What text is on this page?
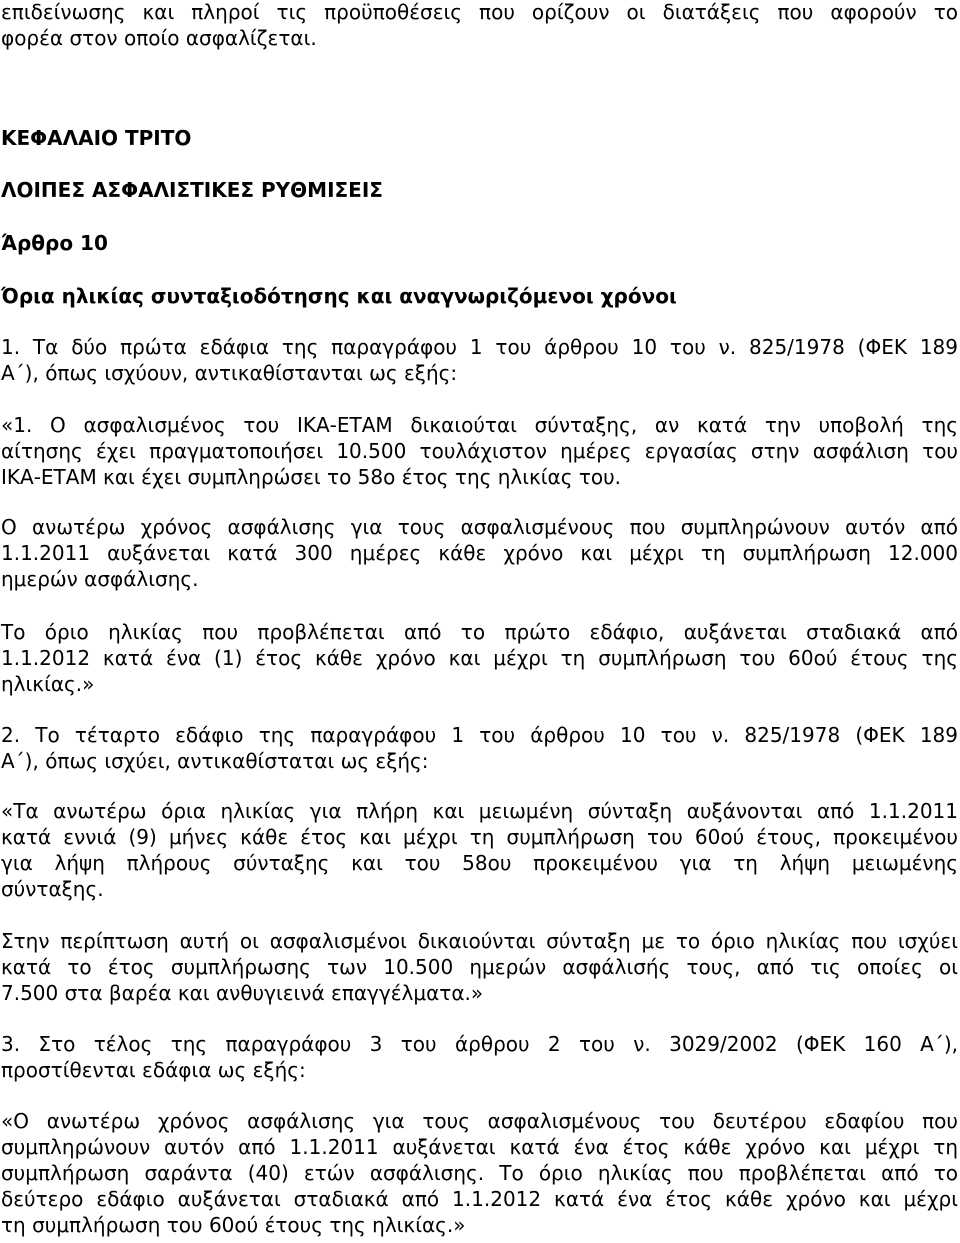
επιδείνωσης και πληροί τις προϋποθέσεις που ορίζουν οι διατάξεις που αφορούν το
φορέα στον οποίο ασφαλίζεται.
ΚΕΦΑΛΑΙΟ ΤΡΙΤΟ
ΛΟΙΠΕΣ ΑΣΦΑΛΙΣΤΙΚΕΣ ΡΥΘΜΙΣΕΙΣ
Άρθρο 10
Όρια ηλικίας συνταξιοδότησης και αναγνωριζόμενοι χρόνοι
1. Τα δύο πρώτα εδάφια της παραγράφου 1 του άρθρου 10 του ν. 825/1978 (ΦΕΚ 189
Α΄), όπως ισχύουν, αντικαθίστανται ως εξής:
«1. Ο ασφαλισμένος του ΙΚΑ-ΕΤΑΜ δικαιούται σύνταξης, αν κατά την υποβολή της
αίτησης έχει πραγματοποιήσει 10.500 τουλάχιστον ημέρες εργασίας στην ασφάλιση του
ΙΚΑ-ΕΤΑΜ και έχει συμπληρώσει το 58ο έτος της ηλικίας του.
Ο ανωτέρω χρόνος ασφάλισης για τους ασφαλισμένους που συμπληρώνουν αυτόν από
1.1.2011 αυξάνεται κατά 300 ημέρες κάθε χρόνο και μέχρι τη συμπλήρωση 12.000
ημερών ασφάλισης.
Το όριο ηλικίας που προβλέπεται από το πρώτο εδάφιο, αυξάνεται σταδιακά από
1.1.2012 κατά ένα (1) έτος κάθε χρόνο και μέχρι τη συμπλήρωση του 60ού έτους της
ηλικίας.»
2. Το τέταρτο εδάφιο της παραγράφου 1 του άρθρου 10 του ν. 825/1978 (ΦΕΚ 189
Α΄), όπως ισχύει, αντικαθίσταται ως εξής:
«Τα ανωτέρω όρια ηλικίας για πλήρη και μειωμένη σύνταξη αυξάνονται από 1.1.2011
κατά εννιά (9) μήνες κάθε έτος και μέχρι τη συμπλήρωση του 60ού έτους, προκειμένου
για λήψη πλήρους σύνταξης και του 58ου προκειμένου για τη λήψη μειωμένης
σύνταξης.
Στην περίπτωση αυτή οι ασφαλισμένοι δικαιούνται σύνταξη με το όριο ηλικίας που ισχύει
κατά το έτος συμπλήρωσης των 10.500 ημερών ασφάλισής τους, από τις οποίες οι
7.500 στα βαρέα και ανθυγιεινά επαγγέλματα.»
3. Στο τέλος της παραγράφου 3 του άρθρου 2 του ν. 3029/2002 (ΦΕΚ 160 Α΄),
προστίθενται εδάφια ως εξής:
«Ο ανωτέρω χρόνος ασφάλισης για τους ασφαλισμένους του δευτέρου εδαφίου που
συμπληρώνουν αυτόν από 1.1.2011 αυξάνεται κατά ένα έτος κάθε χρόνο και μέχρι τη
συμπλήρωση σαράντα (40) ετών ασφάλισης. Το όριο ηλικίας που προβλέπεται από το
δεύτερο εδάφιο αυξάνεται σταδιακά από 1.1.2012 κατά ένα έτος κάθε χρόνο και μέχρι
τη συμπλήρωση του 60ού έτους της ηλικίας.»
